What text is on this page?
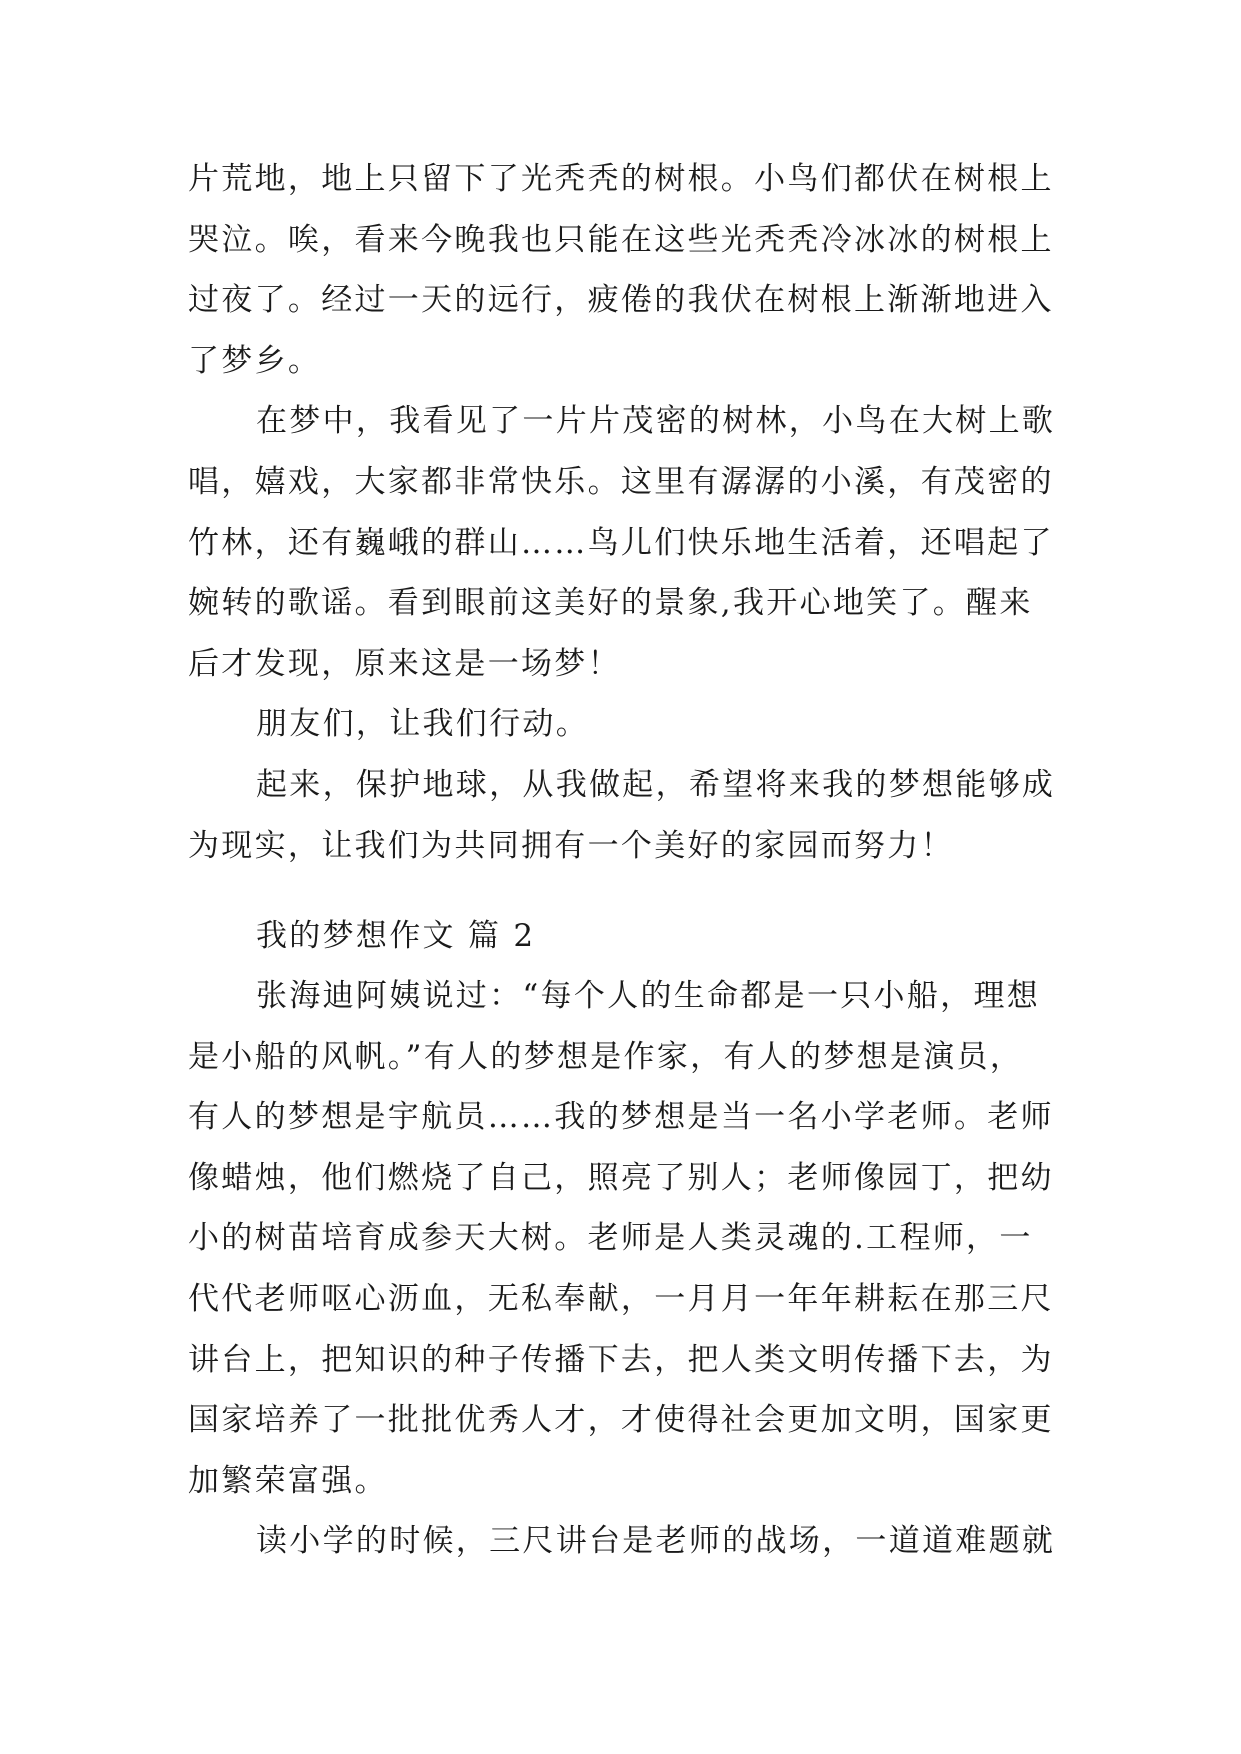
片荒地，地上只留下了光秃秃的树根。小鸟们都伏在树根上
哭泣。唉，看来今晚我也只能在这些光秃秃冷冰冰的树根上
过夜了。经过一天的远行，疲倦的我伏在树根上渐渐地进入
了梦乡。
在梦中，我看见了一片片茂密的树林，小鸟在大树上歌
唱，嬉戏，大家都非常快乐。这里有潺潺的小溪，有茂密的
竹林，还有巍峨的群山……鸟儿们快乐地生活着，还唱起了
婉转的歌谣。看到眼前这美好的景象,我开心地笑了。醒来
后才发现，原来这是一场梦！
朋友们，让我们行动。
起来，保护地球，从我做起，希望将来我的梦想能够成
为现实，让我们为共同拥有一个美好的家园而努力！
我的梦想作文 篇 2
张海迪阿姨说过：“每个人的生命都是一只小船，理想
是小船的风帆。”有人的梦想是作家，有人的梦想是演员，
有人的梦想是宇航员……我的梦想是当一名小学老师。老师
像蜡烛，他们燃烧了自己，照亮了别人；老师像园丁，把幼
小的树苗培育成参天大树。老师是人类灵魂的.工程师，一
代代老师呕心沥血，无私奉献，一月月一年年耕耘在那三尺
讲台上，把知识的种子传播下去，把人类文明传播下去，为
国家培养了一批批优秀人才，才使得社会更加文明，国家更
加繁荣富强。
读小学的时候，三尺讲台是老师的战场，一道道难题就
